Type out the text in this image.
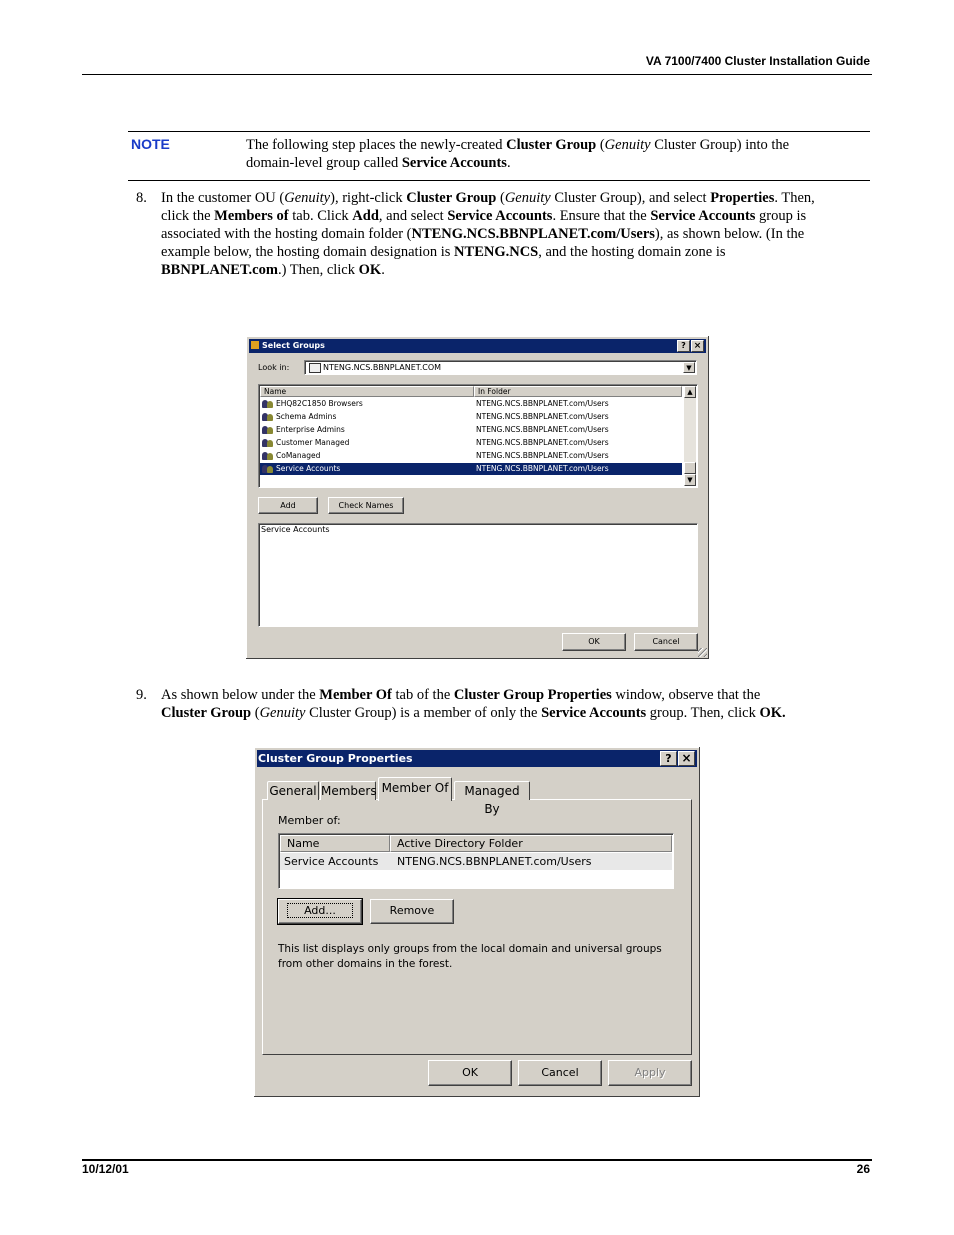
VA 7100/7400 Cluster Installation Guide
NOTE	The following step places the newly-created Cluster Group (Genuity Cluster Group) into the
domain-level group called Service Accounts.
8. In the customer OU (Genuity), right-click Cluster Group (Genuity Cluster Group), and select Properties. Then,
click the Members of tab. Click Add, and select Service Accounts. Ensure that the Service Accounts group is
associated with the hosting domain folder (NTENG.NCS.BBNPLANET.com/Users), as shown below. (In the
example below, the hosting domain designation is NTENG.NCS, and the hosting domain zone is
BBNPLANET.com.) Then, click OK.
Select Groups	? ×
Look in:	NTENG.NCS.BBNPLANET.COM	▼
Name	In Folder
EHQ82C1850 Browsers	NTENG.NCS.BBNPLANET.com/Users
Schema Admins	NTENG.NCS.BBNPLANET.com/Users
Enterprise Admins	NTENG.NCS.BBNPLANET.com/Users
Customer Managed	NTENG.NCS.BBNPLANET.com/Users
CoManaged	NTENG.NCS.BBNPLANET.com/Users
Service Accounts	NTENG.NCS.BBNPLANET.com/Users
▲
▼
Add	Check Names
Service Accounts
OK	Cancel
9. As shown below under the Member Of tab of the Cluster Group Properties window, observe that the
Cluster Group (Genuity Cluster Group) is a member of only the Service Accounts group. Then, click OK.
Cluster Group Properties	? ×
General Members Member Of	Managed By
Member of:
Name	Active Directory Folder
Service Accounts NTENG.NCS.BBNPLANET.com/Users
Add...	Remove
This list displays only groups from the local domain and universal groups
from other domains in the forest.
OK	Cancel	Apply
10/12/01	26
